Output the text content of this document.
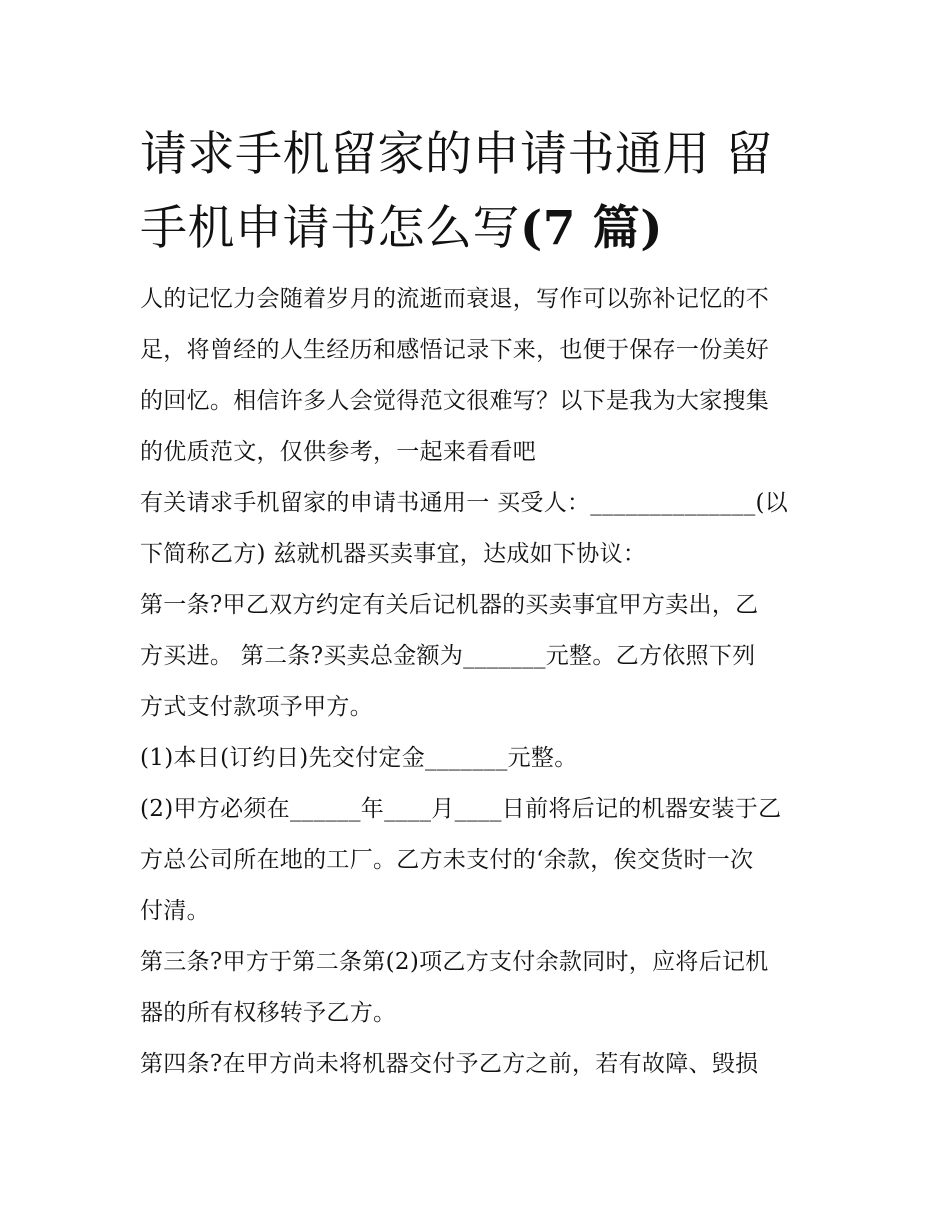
请求手机留家的申请书通用 留
手机申请书怎么写(7 篇)

人的记忆力会随着岁月的流逝而衰退，写作可以弥补记忆的不

足，将曾经的人生经历和感悟记录下来，也便于保存一份美好

的回忆。相信许多人会觉得范文很难写？以下是我为大家搜集

的优质范文，仅供参考，一起来看看吧

有关请求手机留家的申请书通用一 买受人：______________(以

下简称乙方) 兹就机器买卖事宜，达成如下协议：

第一条?甲乙双方约定有关后记机器的买卖事宜甲方卖出，乙

方买进。 第二条?买卖总金额为_______元整。乙方依照下列

方式支付款项予甲方。

(1)本日(订约日)先交付定金_______元整。

(2)甲方必须在______年____月____日前将后记的机器安装于乙

方总公司所在地的工厂。乙方未支付的‘余款，俟交货时一次

付清。

第三条?甲方于第二条第(2)项乙方支付余款同时，应将后记机

器的所有权移转予乙方。

第四条?在甲方尚未将机器交付予乙方之前，若有故障、毁损
